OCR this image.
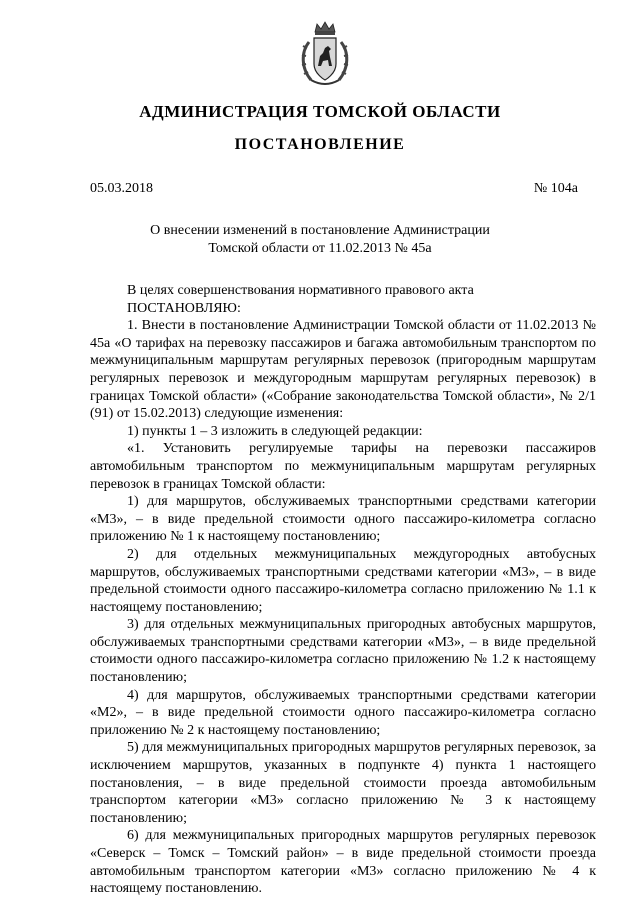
АДМИНИСТРАЦИЯ ТОМСКОЙ ОБЛАСТИ
ПОСТАНОВЛЕНИЕ
05.03.2018	№ 104а
О внесении изменений в постановление Администрации
Томской области от 11.02.2013 № 45а

В целях совершенствования нормативного правового акта

ПОСТАНОВЛЯЮ:

1. Внести в постановление Администрации Томской области от 11.02.2013 № 45а «О тарифах на перевозку пассажиров и багажа автомобильным транспортом по межмуниципальным маршрутам регулярных перевозок (пригородным маршрутам регулярных перевозок и междугородным маршрутам регулярных перевозок) в границах Томской области» («Собрание законодательства Томской области», № 2/1 (91) от 15.02.2013) следующие изменения:

1) пункты 1 – 3 изложить в следующей редакции:

«1. Установить регулируемые тарифы на перевозки пассажиров автомобильным транспортом по межмуниципальным маршрутам регулярных перевозок в границах Томской области:

1) для маршрутов, обслуживаемых транспортными средствами категории «М3», – в виде предельной стоимости одного пассажиро-километра согласно приложению № 1 к настоящему постановлению;

2) для отдельных межмуниципальных междугородных автобусных маршрутов, обслуживаемых транспортными средствами категории «М3», – в виде предельной стоимости одного пассажиро-километра согласно приложению № 1.1 к настоящему постановлению;

3) для отдельных межмуниципальных пригородных автобусных маршрутов, обслуживаемых транспортными средствами категории «М3», – в виде предельной стоимости одного пассажиро-километра согласно приложению № 1.2 к настоящему постановлению;

4) для маршрутов, обслуживаемых транспортными средствами категории «М2», – в виде предельной стоимости одного пассажиро-километра согласно приложению № 2 к настоящему постановлению;

5) для межмуниципальных пригородных маршрутов регулярных перевозок, за исключением маршрутов, указанных в подпункте 4) пункта 1 настоящего постановления, – в виде предельной стоимости проезда автомобильным транспортом категории «М3» согласно приложению № 3 к настоящему постановлению;

6) для межмуниципальных пригородных маршрутов регулярных перевозок «Северск – Томск – Томский район» – в виде предельной стоимости проезда автомобильным транспортом категории «М3» согласно приложению № 4 к настоящему постановлению.
